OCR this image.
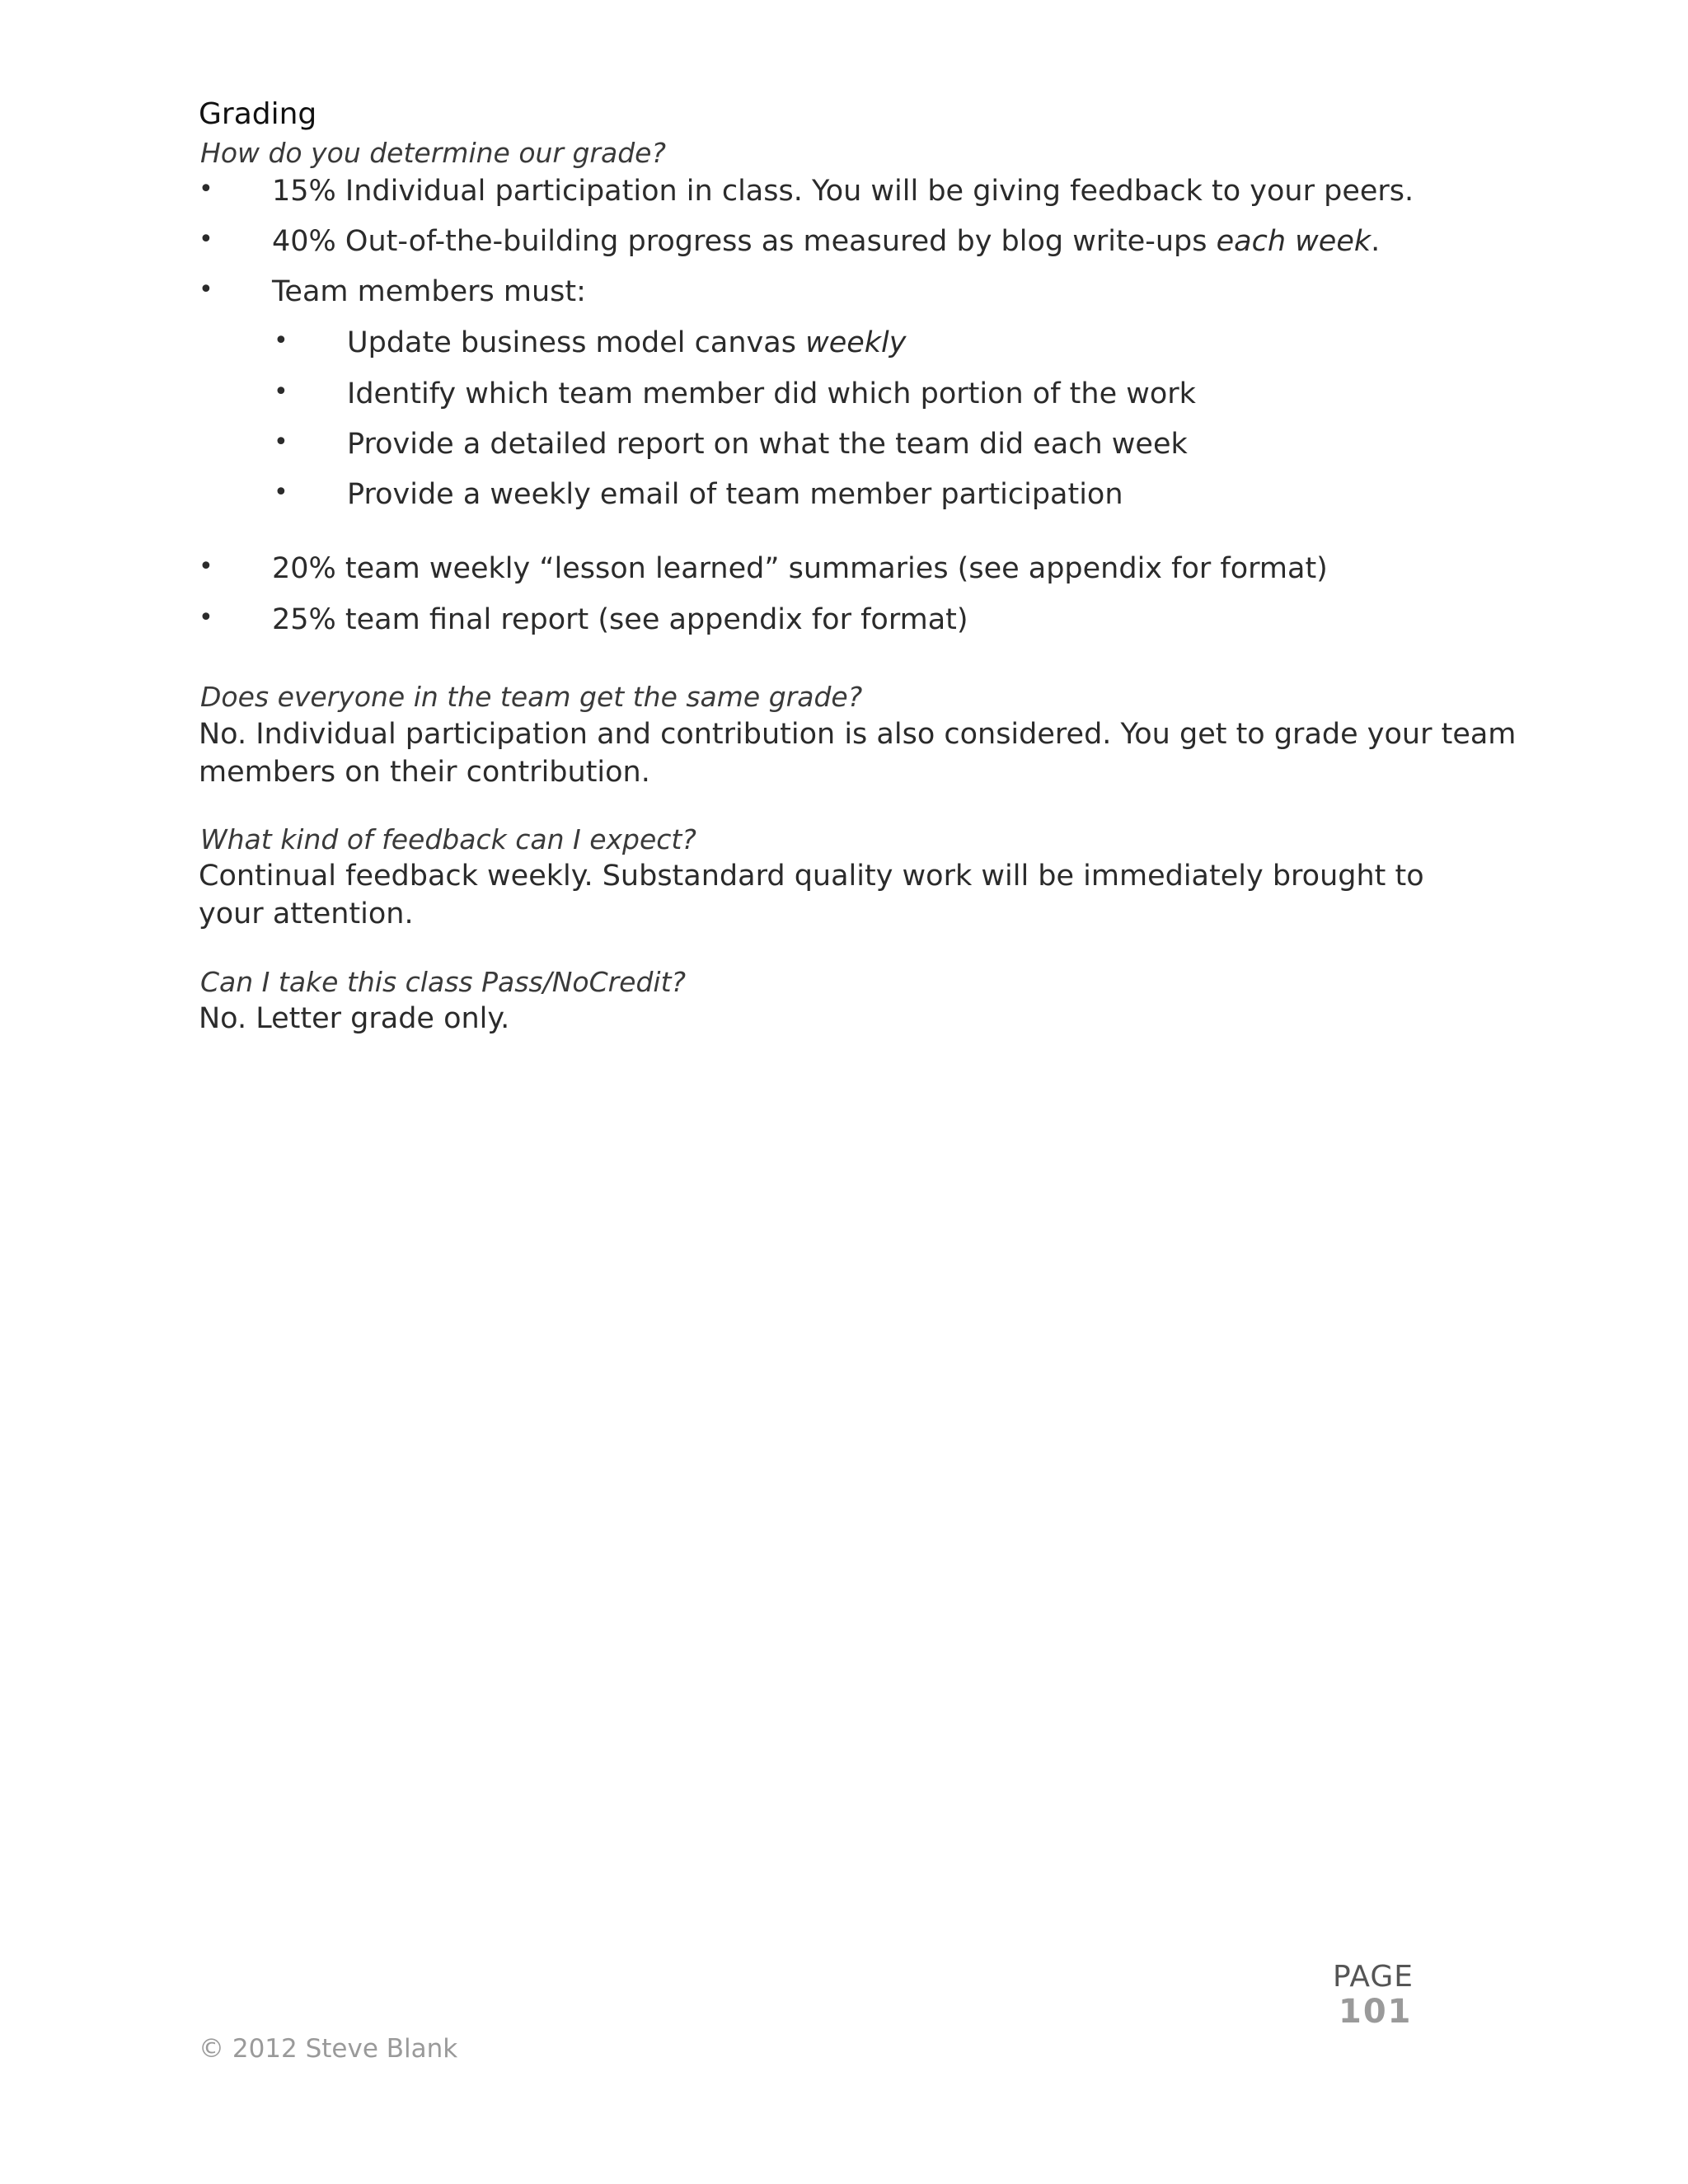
Grading
How do you determine our grade?
• 15% Individual participation in class. You will be giving feedback to your peers.
• 40% Out-of-the-building progress as measured by blog write-ups each week.
• Team members must:
• Update business model canvas weekly
• Identify which team member did which portion of the work
• Provide a detailed report on what the team did each week
• Provide a weekly email of team member participation
• 20% team weekly “lesson learned” summaries (see appendix for format)
• 25% team final report (see appendix for format)
Does everyone in the team get the same grade?
No. Individual participation and contribution is also considered. You get to grade your team
members on their contribution.
What kind of feedback can I expect?
Continual feedback weekly. Substandard quality work will be immediately brought to
your attention.
Can I take this class Pass/NoCredit?
No. Letter grade only.
PAGE
101
© 2012 Steve Blank
